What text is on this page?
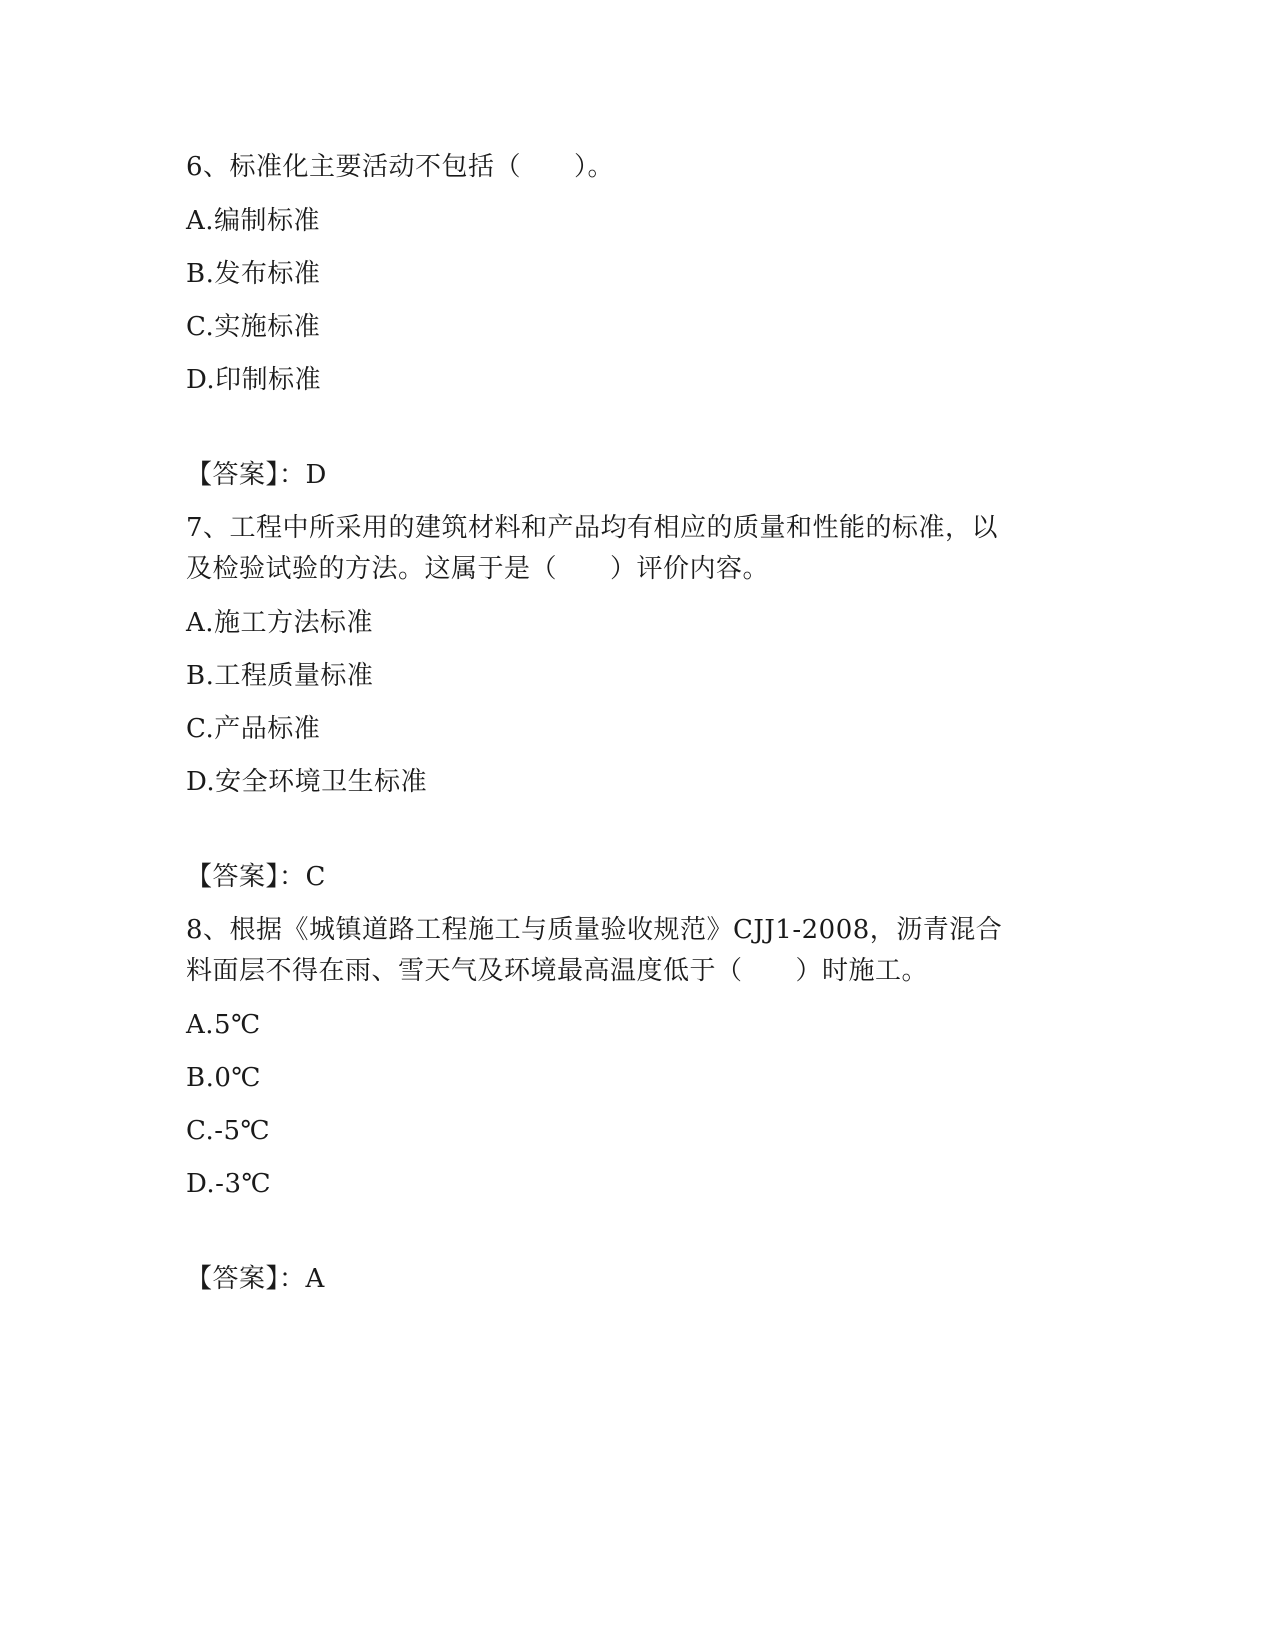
6、标准化主要活动不包括（　　）。
A.编制标准
B.发布标准
C.实施标准
D.印制标准
【答案】：D
7、工程中所采用的建筑材料和产品均有相应的质量和性能的标准，以
及检验试验的方法。这属于是（　　）评价内容。
A.施工方法标准
B.工程质量标准
C.产品标准
D.安全环境卫生标准
【答案】：C
8、根据《城镇道路工程施工与质量验收规范》CJJ1-2008，沥青混合
料面层不得在雨、雪天气及环境最高温度低于（　　）时施工。
A.5℃
B.0℃
C.-5℃
D.-3℃
【答案】：A
